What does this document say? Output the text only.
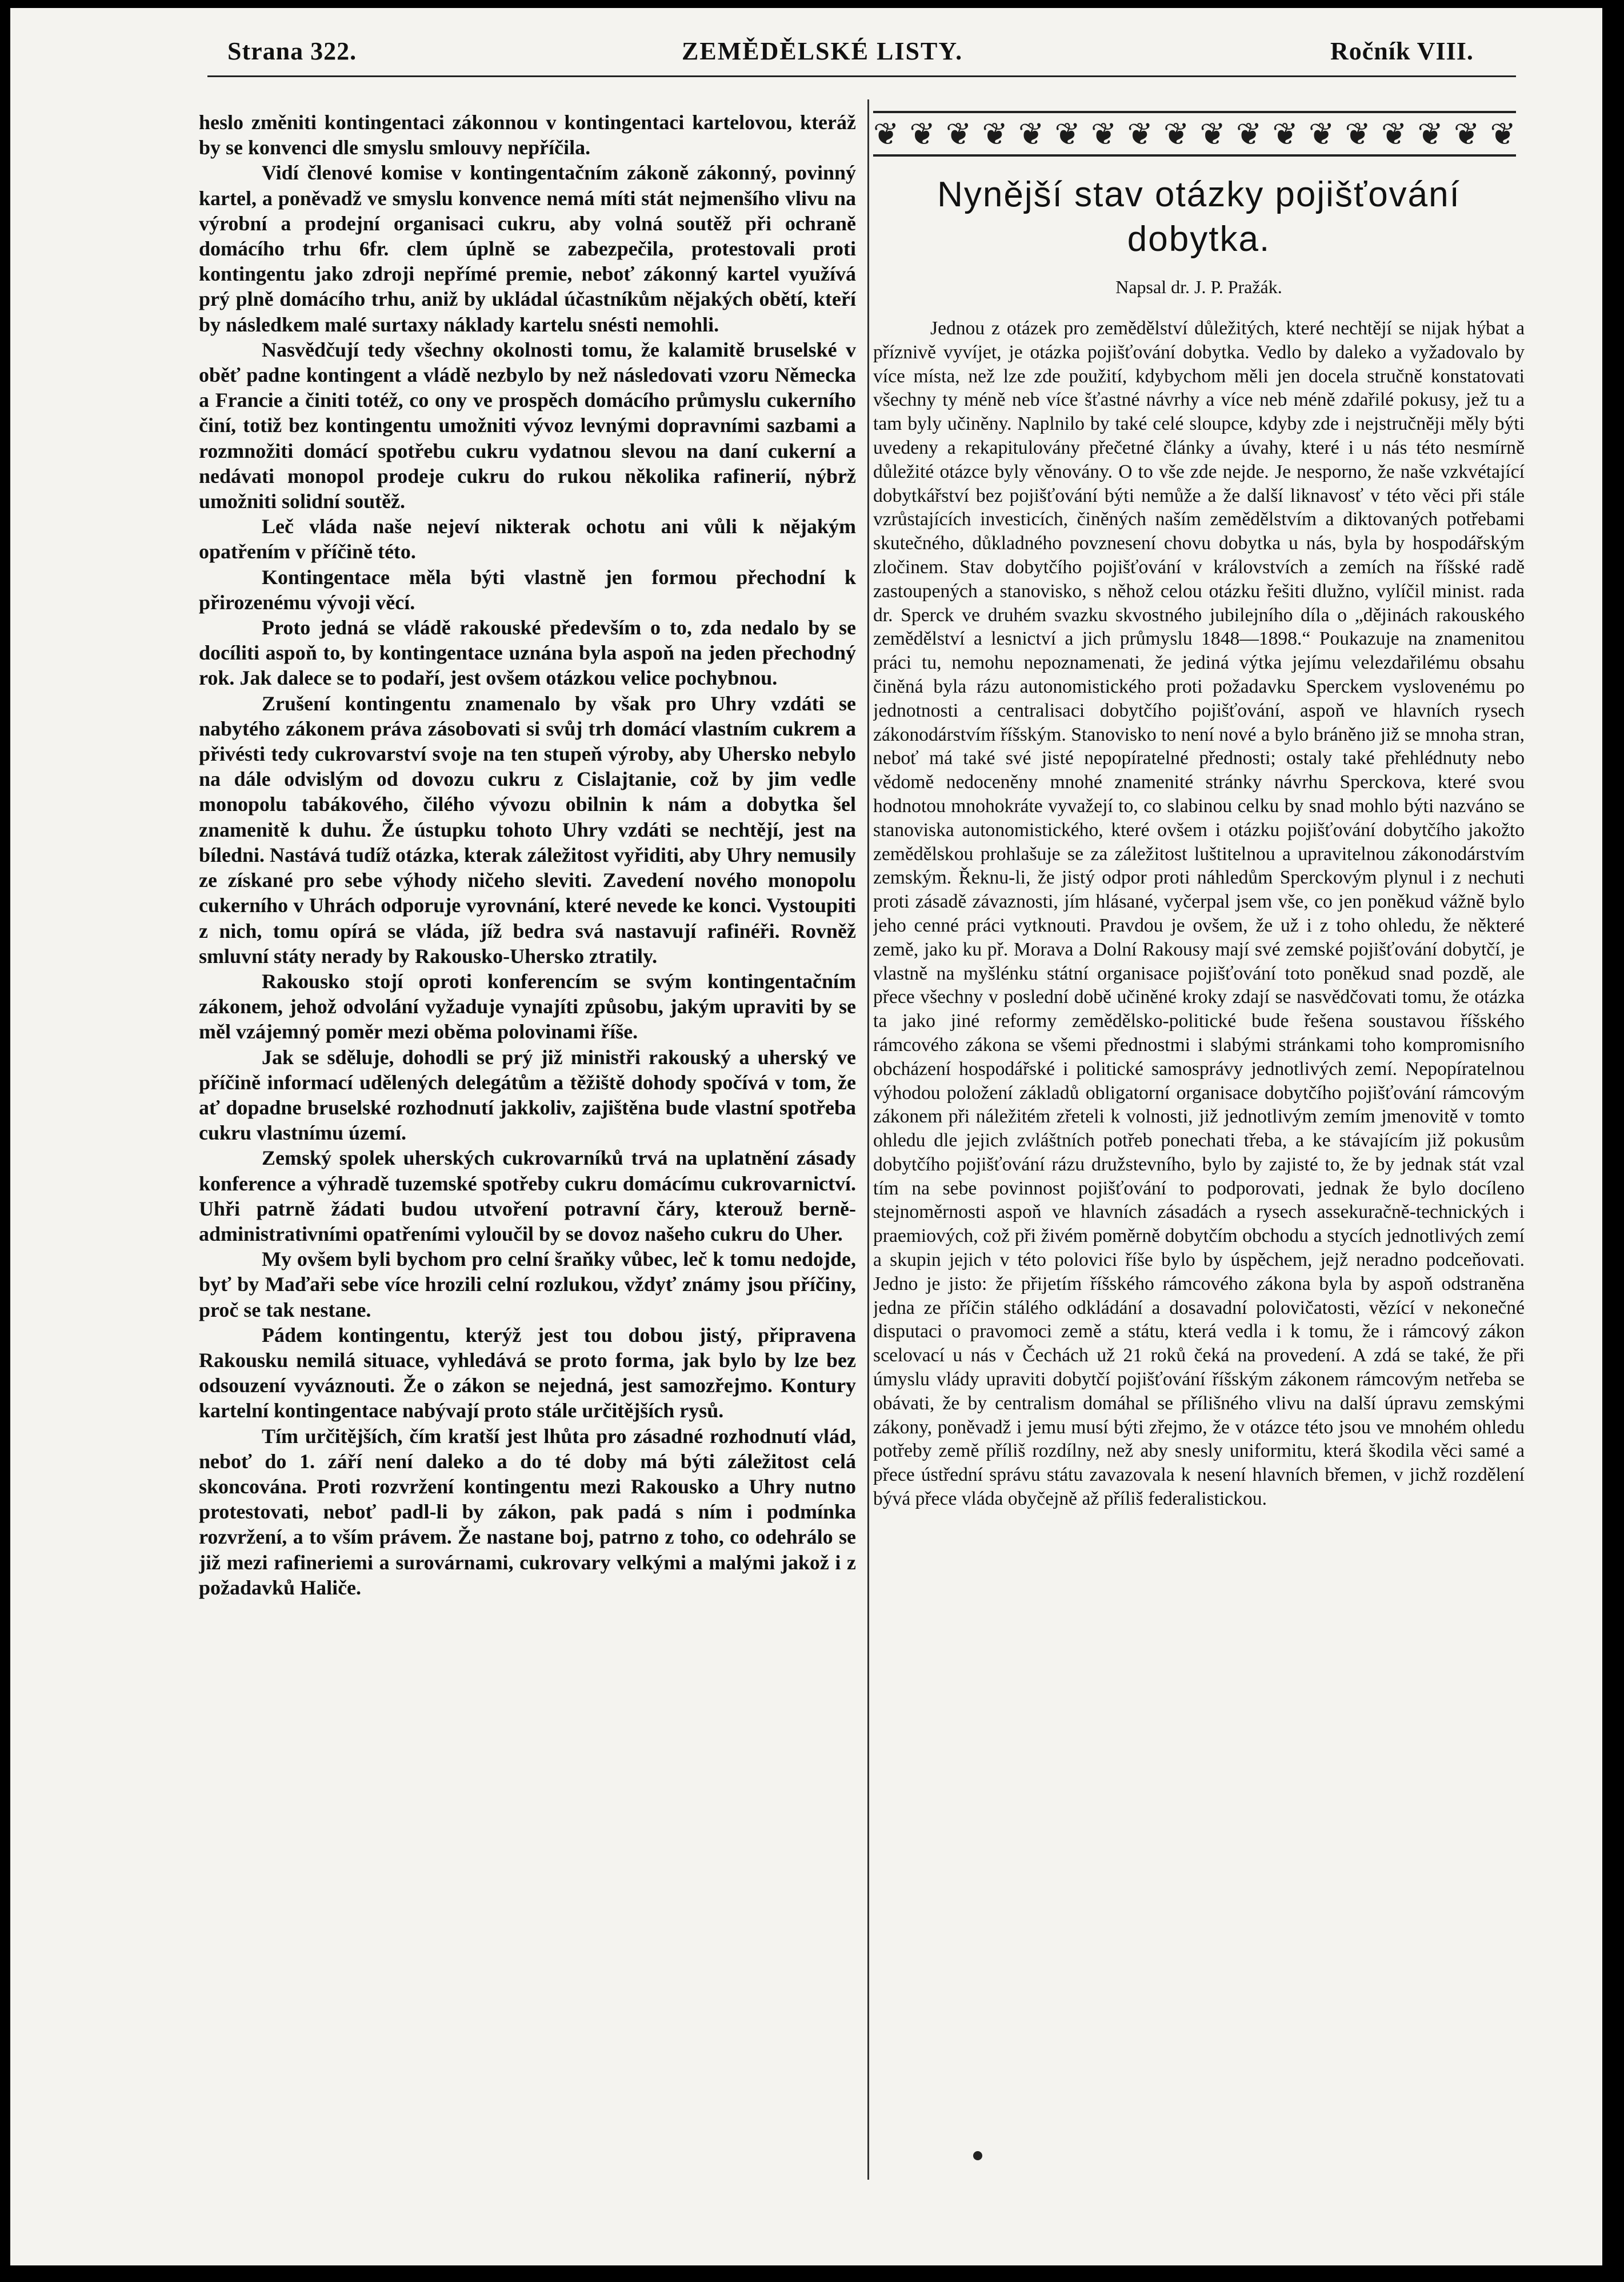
Strana 322.	ZEMĚDĚLSKÉ LISTY.	Ročník VIII.

heslo změniti kontingentaci zákonnou v kontingentaci kartelovou, kteráž by se konvenci dle smyslu smlouvy nepříčila.

Vidí členové komise v kontingentačním zákoně zákonný, povinný kartel, a poněvadž ve smyslu konvence nemá míti stát nejmenšího vlivu na výrobní a prodejní organisaci cukru, aby volná soutěž při ochraně domácího trhu 6fr. clem úplně se zabezpečila, protestovali proti kontingentu jako zdroji nepřímé premie, neboť zákonný kartel využívá prý plně domácího trhu, aniž by ukládal účastníkům nějakých obětí, kteří by následkem malé surtaxy náklady kartelu snésti nemohli.

Nasvědčují tedy všechny okolnosti tomu, že kalamitě bruselské v oběť padne kontingent a vládě nezbylo by než následovati vzoru Německa a Francie a činiti totéž, co ony ve prospěch domácího průmyslu cukerního činí, totiž bez kontingentu umožniti vývoz levnými dopravními sazbami a rozmnožiti domácí spotřebu cukru vydatnou slevou na daní cukerní a nedávati monopol prodeje cukru do rukou několika rafinerií, nýbrž umožniti solidní soutěž.

Leč vláda naše nejeví nikterak ochotu ani vůli k nějakým opatřením v příčině této.

Kontingentace měla býti vlastně jen formou přechodní k přirozenému vývoji věcí.

Proto jedná se vládě rakouské především o to, zda nedalo by se docíliti aspoň to, by kontingentace uznána byla aspoň na jeden přechodný rok. Jak dalece se to podaří, jest ovšem otázkou velice pochybnou.

Zrušení kontingentu znamenalo by však pro Uhry vzdáti se nabytého zákonem práva zásobovati si svůj trh domácí vlastním cukrem a přivésti tedy cukrovarství svoje na ten stupeň výroby, aby Uhersko nebylo na dále odvislým od dovozu cukru z Cislajtanie, což by jim vedle monopolu tabákového, čilého vývozu obilnin k nám a dobytka šel znamenitě k duhu. Že ústupku tohoto Uhry vzdáti se nechtějí, jest na bíledni. Nastává tudíž otázka, kterak záležitost vyřiditi, aby Uhry nemusily ze získané pro sebe výhody ničeho sleviti. Zavedení nového monopolu cukerního v Uhrách odporuje vyrovnání, které nevede ke konci. Vystoupiti z nich, tomu opírá se vláda, jíž bedra svá nastavují rafinéři. Rovněž smluvní státy nerady by Rakousko-Uhersko ztratily.

Rakousko stojí oproti konferencím se svým kontingentačním zákonem, jehož odvolání vyžaduje vynajíti způsobu, jakým upraviti by se měl vzájemný poměr mezi oběma polovinami říše.

Jak se sděluje, dohodli se prý již ministři rakouský a uherský ve příčině informací udělených delegátům a těžiště dohody spočívá v tom, že ať dopadne bruselské rozhodnutí jakkoliv, zajištěna bude vlastní spotřeba cukru vlastnímu území.

Zemský spolek uherských cukrovarníků trvá na uplatnění zásady konference a výhradě tuzemské spotřeby cukru domácímu cukrovarnictví. Uhři patrně žádati budou utvoření potravní čáry, kterouž berně-administrativními opatřeními vyloučil by se dovoz našeho cukru do Uher.

My ovšem byli bychom pro celní šraňky vůbec, leč k tomu nedojde, byť by Maďaři sebe více hrozili celní rozlukou, vždyť známy jsou příčiny, proč se tak nestane.

Pádem kontingentu, kterýž jest tou dobou jistý, připravena Rakousku nemilá situace, vyhledává se proto forma, jak bylo by lze bez odsouzení vyváznouti. Že o zákon se nejedná, jest samozřejmo. Kontury kartelní kontingentace nabývají proto stále určitějších rysů.

Tím určitějších, čím kratší jest lhůta pro zásadné rozhodnutí vlád, neboť do 1. září není daleko a do té doby má býti záležitost celá skoncována. Proti rozvržení kontingentu mezi Rakousko a Uhry nutno protestovati, neboť padl-li by zákon, pak padá s ním i podmínka rozvržení, a to vším právem. Že nastane boj, patrno z toho, co odehrálo se již mezi rafineriemi a surovárnami, cukrovary velkými a malými jakož i z požadavků Haliče.

❦ ❦ ❦ ❦ ❦ ❦ ❦ ❦ ❦ ❦ ❦ ❦ ❦ ❦ ❦ ❦ ❦ ❦
Nynější stav otázky pojišťování dobytka.
Napsal dr. J. P. Pražák.

Jednou z otázek pro zemědělství důležitých, které nechtějí se nijak hýbat a příznivě vyvíjet, je otázka pojišťování dobytka. Vedlo by daleko a vyžadovalo by více místa, než lze zde použití, kdybychom měli jen docela stručně konstatovati všechny ty méně neb více šťastné návrhy a více neb méně zdařilé pokusy, jež tu a tam byly učiněny. Naplnilo by také celé sloupce, kdyby zde i nejstručněji měly býti uvedeny a rekapitulovány přečetné články a úvahy, které i u nás této nesmírně důležité otázce byly věnovány. O to vše zde nejde. Je nesporno, že naše vzkvétající dobytkářství bez pojišťování býti nemůže a že další liknavosť v této věci při stále vzrůstajících investicích, činěných naším zemědělstvím a diktovaných potřebami skutečného, důkladného povznesení chovu dobytka u nás, byla by hospodářským zločinem. Stav dobytčího pojišťování v královstvích a zemích na říšské radě zastoupených a stanovisko, s něhož celou otázku řešiti dlužno, vylíčil minist. rada dr. Sperck ve druhém svazku skvostného jubilejního díla o „dějinách rakouského zemědělství a lesnictví a jich průmyslu 1848—1898.“ Poukazuje na znamenitou práci tu, nemohu nepoznamenati, že jediná výtka jejímu velezdařilému obsahu činěná byla rázu autonomistického proti požadavku Sperckem vyslovenému po jednotnosti a centralisaci dobytčího pojišťování, aspoň ve hlavních rysech zákonodárstvím říšským. Stanovisko to není nové a bylo bráněno již se mnoha stran, neboť má také své jisté nepopíratelné přednosti; ostaly také přehlédnuty nebo vědomě nedoceněny mnohé znamenité stránky návrhu Sperckova, které svou hodnotou mnohokráte vyvažejí to, co slabinou celku by snad mohlo býti nazváno se stanoviska autonomistického, které ovšem i otázku pojišťování dobytčího jakožto zemědělskou prohlašuje se za záležitost luštitelnou a upravitelnou zákonodárstvím zemským. Řeknu-li, že jistý odpor proti náhledům Sperckovým plynul i z nechuti proti zásadě závaznosti, jím hlásané, vyčerpal jsem vše, co jen poněkud vážně bylo jeho cenné práci vytknouti. Pravdou je ovšem, že už i z toho ohledu, že některé země, jako ku př. Morava a Dolní Rakousy mají své zemské pojišťování dobytčí, je vlastně na myšlénku státní organisace pojišťování toto poněkud snad pozdě, ale přece všechny v poslední době učiněné kroky zdají se nasvědčovati tomu, že otázka ta jako jiné reformy zemědělsko-politické bude řešena soustavou říšského rámcového zákona se všemi přednostmi i slabými stránkami toho kompromisního obcházení hospodářské i politické samosprávy jednotlivých zemí. Nepopíratelnou výhodou položení základů obligatorní organisace dobytčího pojišťování rámcovým zákonem při náležitém zřeteli k volnosti, již jednotlivým zemím jmenovitě v tomto ohledu dle jejich zvláštních potřeb ponechati třeba, a ke stávajícím již pokusům dobytčího pojišťování rázu družstevního, bylo by zajisté to, že by jednak stát vzal tím na sebe povinnost pojišťování to podporovati, jednak že bylo docíleno stejnoměrnosti aspoň ve hlavních zásadách a rysech assekuračně-technických i praemiových, což při živém poměrně dobytčím obchodu a stycích jednotlivých zemí a skupin jejich v této polovici říše bylo by úspěchem, jejž neradno podceňovati. Jedno je jisto: že přijetím říšského rámcového zákona byla by aspoň odstraněna jedna ze příčin stálého odkládání a dosavadní polovičatosti, vězící v nekonečné disputaci o pravomoci země a státu, která vedla i k tomu, že i rámcový zákon scelovací u nás v Čechách už 21 roků čeká na provedení. A zdá se také, že při úmyslu vlády upraviti dobytčí pojišťování říšským zákonem rámcovým netřeba se obávati, že by centralism domáhal se přílišného vlivu na další úpravu zemskými zákony, poněvadž i jemu musí býti zřejmo, že v otázce této jsou ve mnohém ohledu potřeby země příliš rozdílny, než aby snesly uniformitu, která škodila věci samé a přece ústřední správu státu zavazovala k nesení hlavních břemen, v jichž rozdělení bývá přece vláda obyčejně až příliš federalistickou.
